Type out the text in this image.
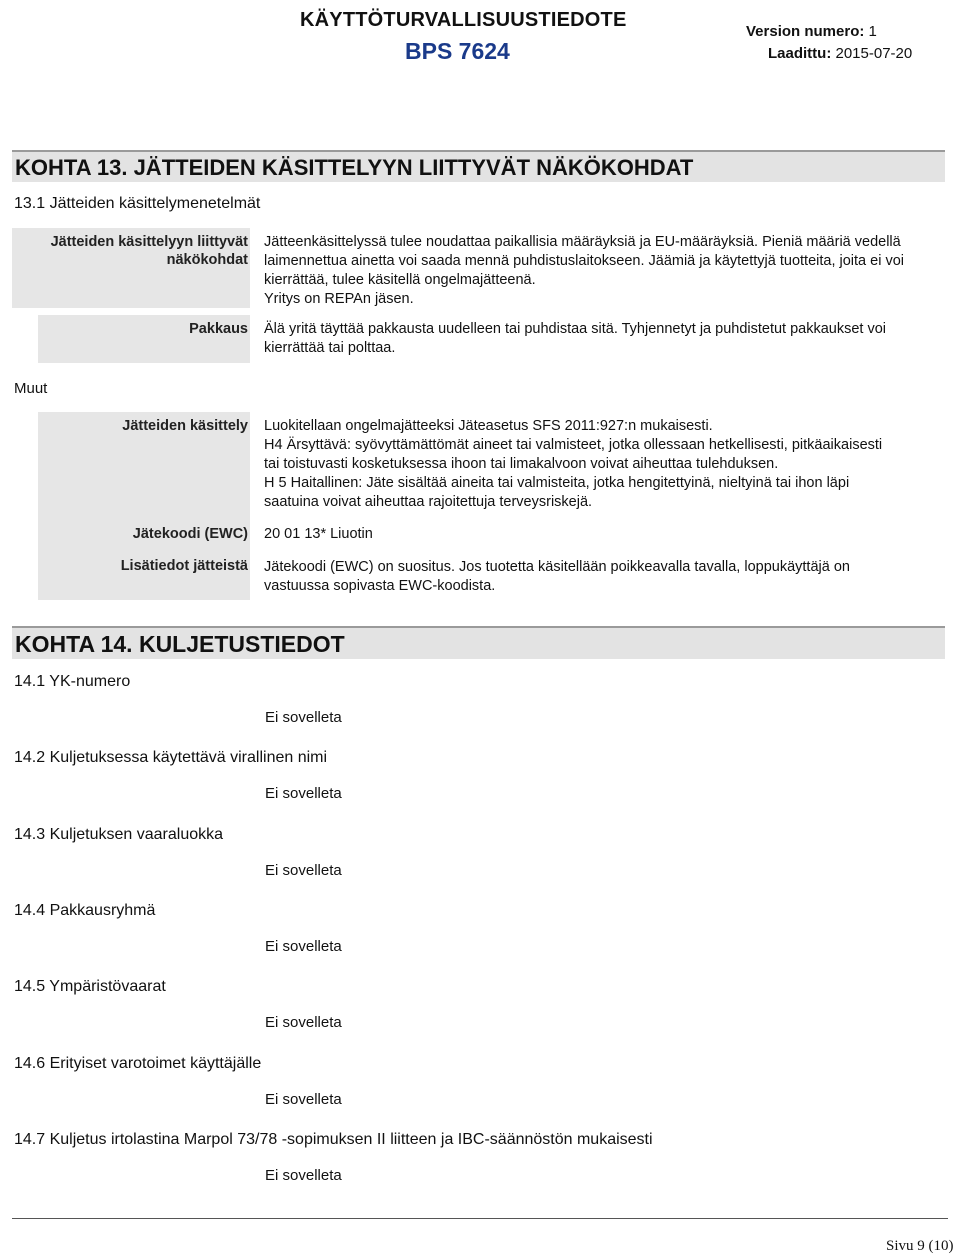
KÄYTTÖTURVALLISUUSTIEDOTE
BPS 7624
Version numero: 1
Laadittu: 2015-07-20
KOHTA 13. JÄTTEIDEN KÄSITTELYYN LIITTYVÄT NÄKÖKOHDAT
13.1 Jätteiden käsittelymenetelmät
Jätteiden käsittelyyn liittyvät näkökohdat
Jätteenkäsittelyssä tulee noudattaa paikallisia määräyksiä ja EU-määräyksiä. Pieniä määriä vedellä
laimennettua ainetta voi saada mennä puhdistuslaitokseen. Jäämiä ja käytettyjä tuotteita, joita ei voi
kierrättää, tulee käsitellä ongelmajätteenä.
Yritys on REPAn jäsen.
Pakkaus Älä yritä täyttää pakkausta uudelleen tai puhdistaa sitä. Tyhjennetyt ja puhdistetut pakkaukset voi
kierrättää tai polttaa.
Muut
Jätteiden käsittely Luokitellaan ongelmajätteeksi Jäteasetus SFS 2011:927:n mukaisesti.
H4 Ärsyttävä: syövyttämättömät aineet tai valmisteet, jotka ollessaan hetkellisesti, pitkäaikaisesti
tai toistuvasti kosketuksessa ihoon tai limakalvoon voivat aiheuttaa tulehduksen.
H 5 Haitallinen: Jäte sisältää aineita tai valmisteita, jotka hengitettyinä, nieltyinä tai ihon läpi
saatuina voivat aiheuttaa rajoitettuja terveysriskejä.
Jätekoodi (EWC) 20 01 13* Liuotin
Lisätiedot jätteistä Jätekoodi (EWC) on suositus. Jos tuotetta käsitellään poikkeavalla tavalla, loppukäyttäjä on
vastuussa sopivasta EWC-koodista.
KOHTA 14. KULJETUSTIEDOT
14.1 YK-numero
Ei sovelleta
14.2 Kuljetuksessa käytettävä virallinen nimi
Ei sovelleta
14.3 Kuljetuksen vaaraluokka
Ei sovelleta
14.4 Pakkausryhmä
Ei sovelleta
14.5 Ympäristövaarat
Ei sovelleta
14.6 Erityiset varotoimet käyttäjälle
Ei sovelleta
14.7 Kuljetus irtolastina Marpol 73/78 -sopimuksen II liitteen ja IBC-säännöstön mukaisesti
Ei sovelleta
Sivu 9 (10)
